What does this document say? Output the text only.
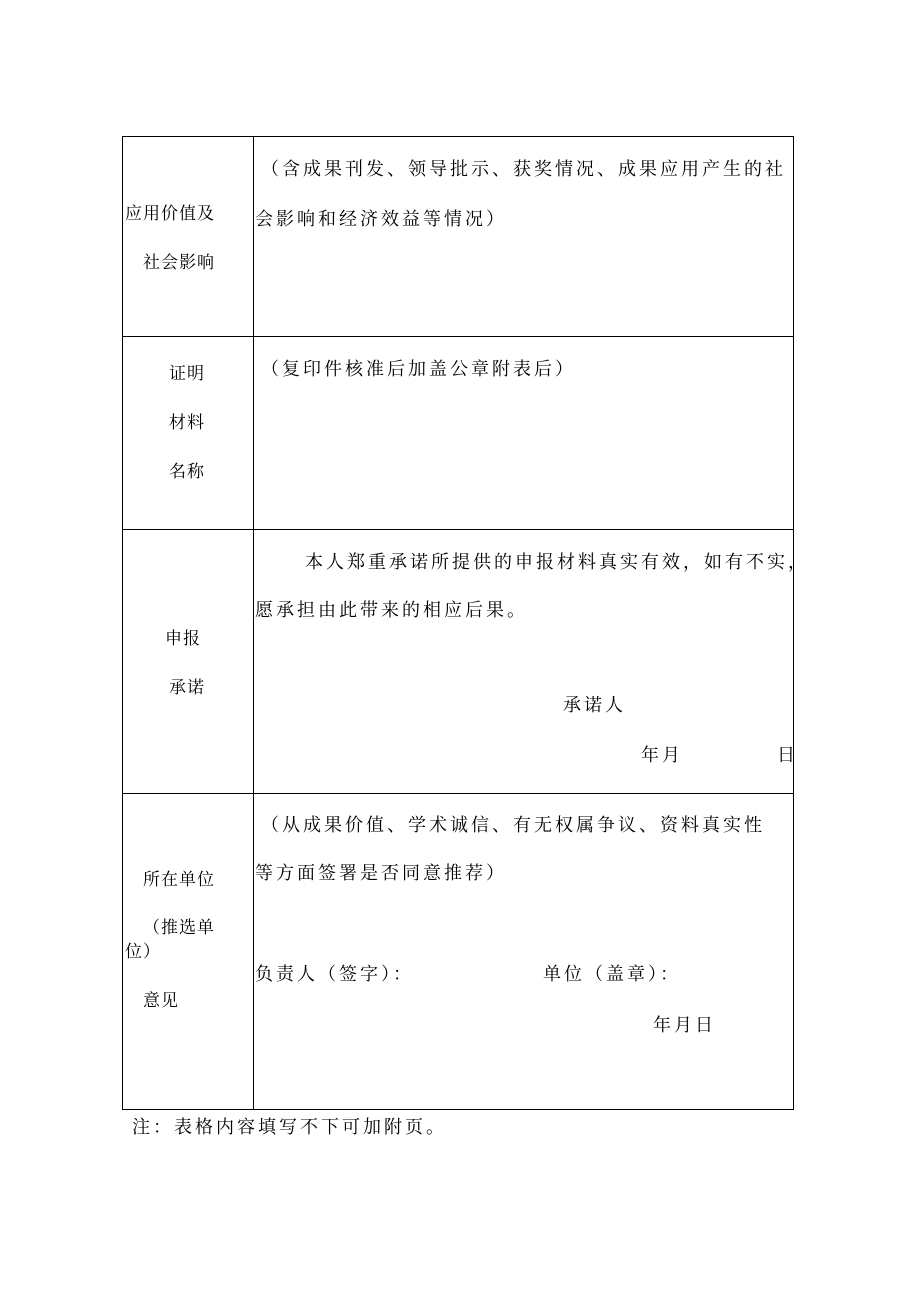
应用价值及
社会影响
（含成果刊发、领导批示、获奖情况、成果应用产生的社
会影响和经济效益等情况）
证明
材料
名称
（复印件核准后加盖公章附表后）
申报
承诺
本人郑重承诺所提供的申报材料真实有效，如有不实，
愿承担由此带来的相应后果。
承诺人
年月	日
所在单位
（推选单
位）
意见
（从成果价值、学术诚信、有无权属争议、资料真实性
等方面签署是否同意推荐）
负责人（签字）：	单位（盖章）：
年月日
注：表格内容填写不下可加附页。
